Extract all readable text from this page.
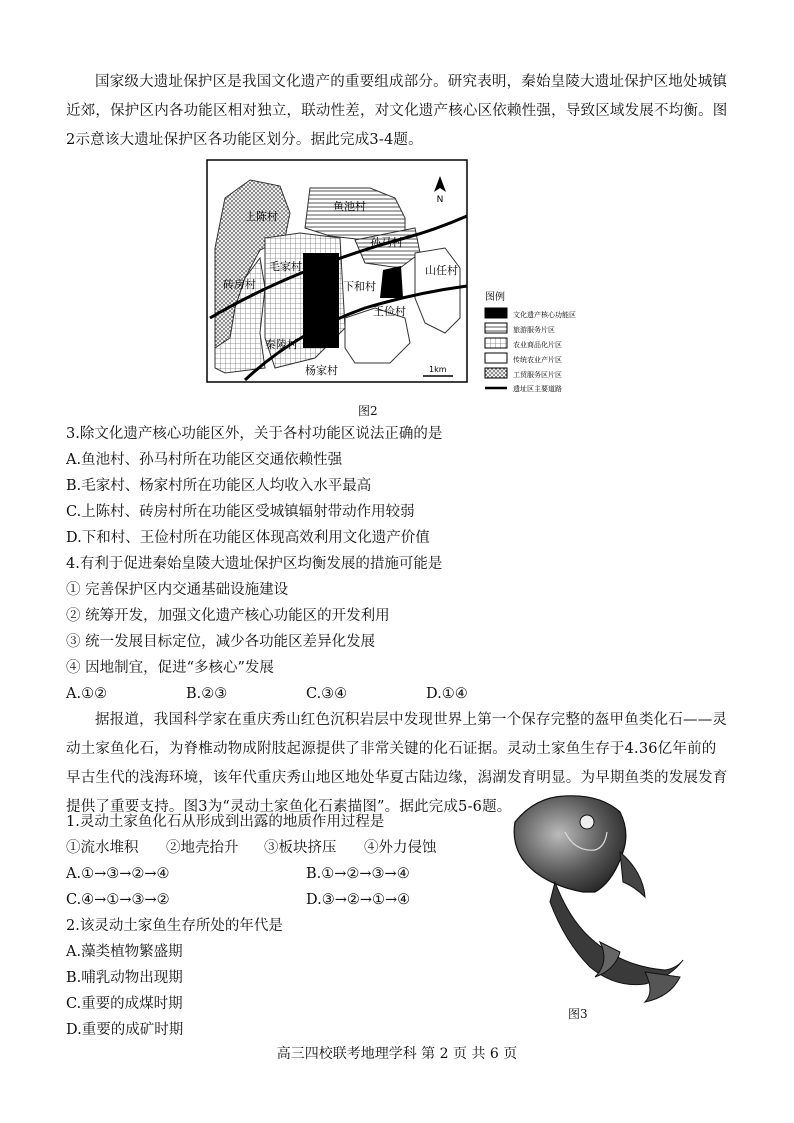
国家级大遗址保护区是我国文化遗产的重要组成部分。研究表明，秦始皇陵大遗址保护区地处城镇近郊，保护区内各功能区相对独立，联动性差，对文化遗产核心区依赖性强，导致区域发展不均衡。图2示意该大遗址保护区各功能区划分。据此完成3-4题。

N
鱼池村
上陈村
孙马村
毛家村	山任村
砖房村	下和村
王俭村
秦陵村
杨家村	1km
图例
文化遗产核心功能区
旅游服务片区
农业商品化片区
传统农业产片区
工贸服务区片区
遗址区主要道路
图2
3.除文化遗产核心功能区外，关于各村功能区说法正确的是
A.鱼池村、孙马村所在功能区交通依赖性强
B.毛家村、杨家村所在功能区人均收入水平最高
C.上陈村、砖房村所在功能区受城镇辐射带动作用较弱
D.下和村、王俭村所在功能区体现高效利用文化遗产价值
4.有利于促进秦始皇陵大遗址保护区均衡发展的措施可能是
① 完善保护区内交通基础设施建设
② 统筹开发，加强文化遗产核心功能区的开发利用
③ 统一发展目标定位，减少各功能区差异化发展
④ 因地制宜，促进“多核心”发展
A.①②	B.②③	C.③④	D.①④

据报道，我国科学家在重庆秀山红色沉积岩层中发现世界上第一个保存完整的盔甲鱼类化石——灵动土家鱼化石，为脊椎动物成附肢起源提供了非常关键的化石证据。灵动土家鱼生存于4.36亿年前的早古生代的浅海环境，该年代重庆秀山地区地处华夏古陆边缘，潟湖发育明显。为早期鱼类的发展发育提供了重要支持。图3为“灵动土家鱼化石素描图”。据此完成5-6题。

图3
1.灵动土家鱼化石从形成到出露的地质作用过程是
①流水堆积 ②地壳抬升 ③板块挤压 ④外力侵蚀
A.①→③→②→④	B.①→②→③→④
C.④→①→③→②	D.③→②→①→④
2.该灵动土家鱼生存所处的年代是
A.藻类植物繁盛期
B.哺乳动物出现期
C.重要的成煤时期
D.重要的成矿时期
高三四校联考地理学科 第 2 页 共 6 页
